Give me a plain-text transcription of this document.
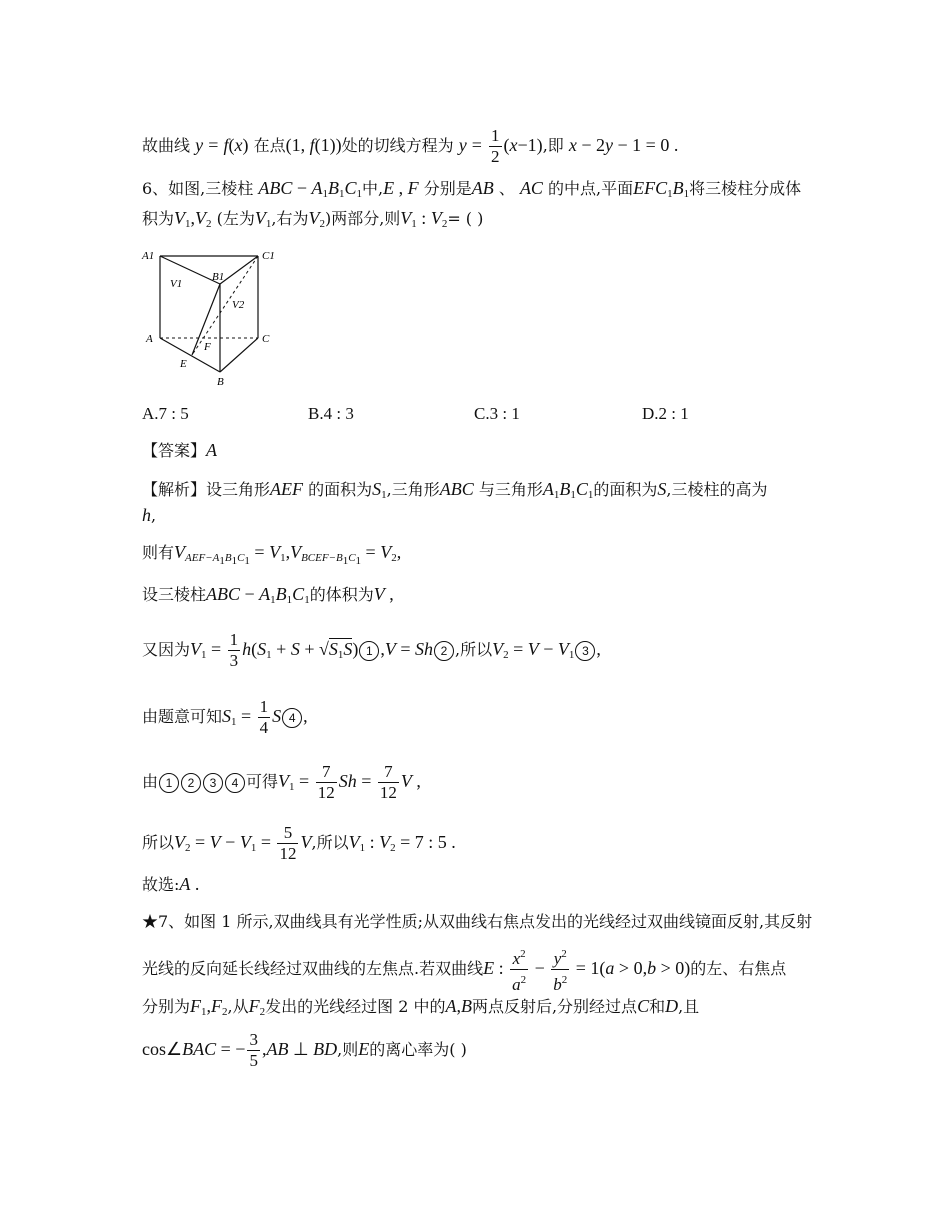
故曲线 y = f(x) 在点(1, f(1))处的切线方程为 $y = \frac{1}{2} (x-1)$,即 x − 2y − 1 = 0 .
6、如图,三棱柱 ABC − $A_1B_1C_1$中,E , F 分别是AB 、 AC 的中点,平面$EFC_1B_1$将三棱柱分成体
积为$V_1,V_2$ (左为$V_1$,右为$V_2$)两部分,则$V_1$ : $V_2=$ ( )
A1
B1
C1
V1
V2
A	C
F
E
B
A.7 : 5	B.4 : 3	C.3 : 1	D.2 : 1
【答案】A
【解析】设三角形AEF 的面积为$S_1$,三角形ABC 与三角形$A_1B_1C_1$的面积为S,三棱柱的高为
h,
则有$V_{AEF-A_1B_1C_1} = V_1,V_{BCEF-B_1C_1} = V_2$,
设三棱柱ABC − $A_1B_1C_1$的体积为V ,
又因为$V_1 = \frac{1}{3} h(S_1 + S + √S_1S)$ 1 ,V = Sh 2 ,所以$V_2 = V - V_1$ 3 ,
由题意可知$S_1 = \frac{1}{4}$ S 4 ,
由 1 2 3 4 可得$V_1 = \frac{7}{12}$ $Sh = \frac{7}{12}$ V ,
所以$V_2 = V - V_1 = \frac{5}{12} V$,所以$V_1$ : $V_2 = 7$ : 5 .
故选:A .
★7、如图 1 所示,双曲线具有光学性质;从双曲线右焦点发出的光线经过双曲线镜面反射,其反射
光线的反向延长线经过双曲线的左焦点.若双曲线E : $\frac{x^2}{a^2} - \frac{y^2}{b^2} = 1(a > 0,b > 0)$的左、右焦点
分别为$F_1,F_2$,从$F_2$发出的光线经过图 2 中的A,B两点反射后,分别经过点C和D,且
cos∠BAC = − $\frac{3}{5} ,AB$ ⊥ BD,则E的离心率为( )
